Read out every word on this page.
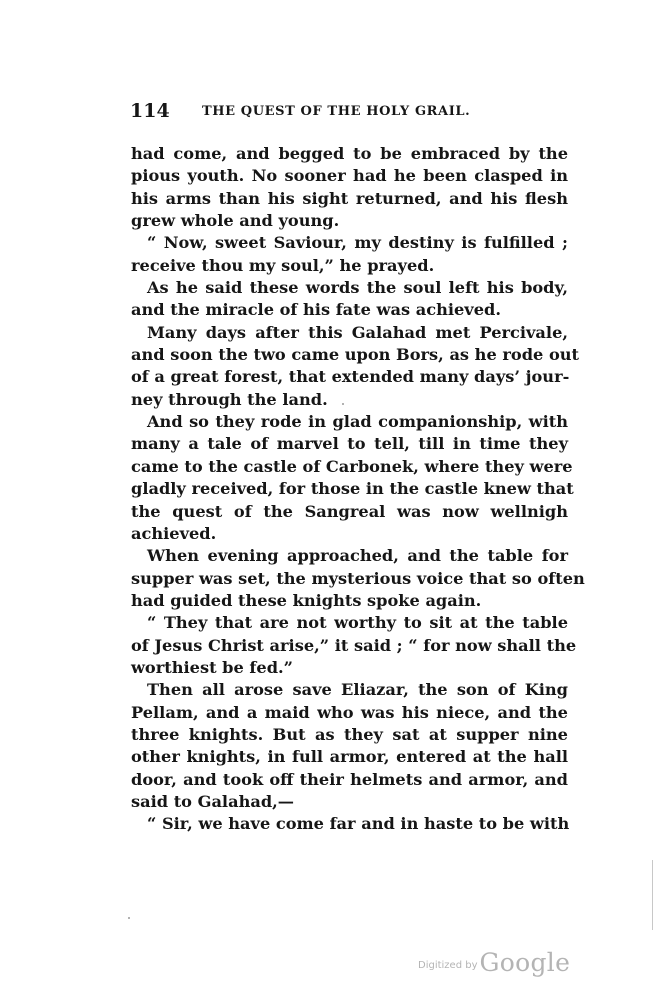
114 THE QUEST OF THE HOLY GRAIL.
had come, and begged to be embraced by the
pious youth. No sooner had he been clasped in
his arms than his sight returned, and his flesh
grew whole and young.
“ Now, sweet Saviour, my destiny is fulfilled ;
receive thou my soul,” he prayed.
As he said these words the soul left his body,
and the miracle of his fate was achieved.
Many days after this Galahad met Percivale,
and soon the two came upon Bors, as he rode out
of a great forest, that extended many days’ jour-
ney through the land.
And so they rode in glad companionship, with
many a tale of marvel to tell, till in time they
came to the castle of Carbonek, where they were
gladly received, for those in the castle knew that
the quest of the Sangreal was now wellnigh
achieved.
When evening approached, and the table for
supper was set, the mysterious voice that so often
had guided these knights spoke again.
“ They that are not worthy to sit at the table
of Jesus Christ arise,” it said ; “ for now shall the
worthiest be fed.”
Then all arose save Eliazar, the son of King
Pellam, and a maid who was his niece, and the
three knights. But as they sat at supper nine
other knights, in full armor, entered at the hall
door, and took off their helmets and armor, and
said to Galahad,—
“ Sir, we have come far and in haste to be with
Digitized byGoogle
